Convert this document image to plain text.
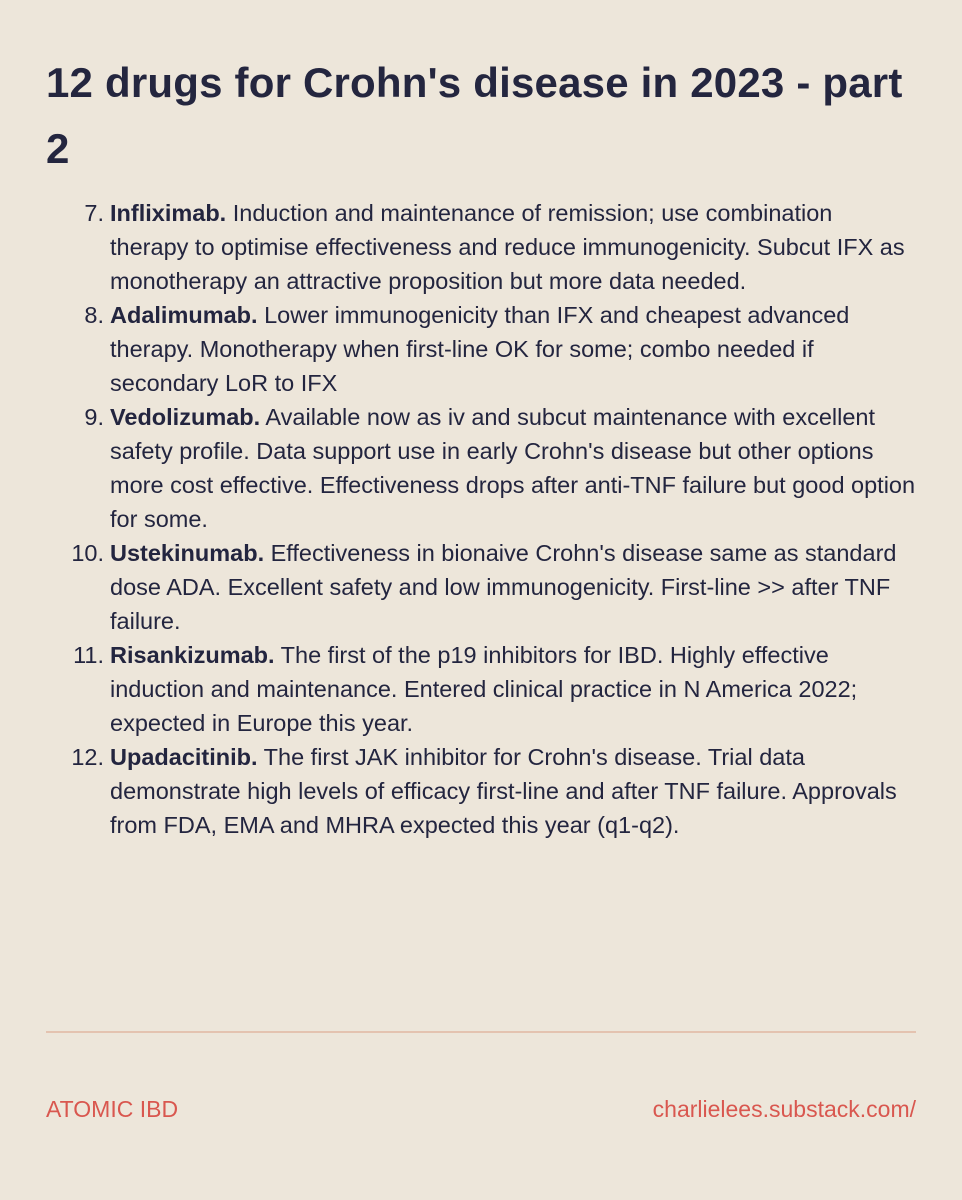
12 drugs for Crohn's disease in 2023 - part 2
7. Infliximab. Induction and maintenance of remission; use combination therapy to optimise effectiveness and reduce immunogenicity. Subcut IFX as monotherapy an attractive proposition but more data needed.
8. Adalimumab. Lower immunogenicity than IFX and cheapest advanced therapy. Monotherapy when first-line OK for some; combo needed if secondary LoR to IFX
9. Vedolizumab. Available now as iv and subcut maintenance with excellent safety profile. Data support use in early Crohn's disease but other options more cost effective. Effectiveness drops after anti-TNF failure but good option for some.
10. Ustekinumab. Effectiveness in bionaive Crohn's disease same as standard dose ADA. Excellent safety and low immunogenicity. First-line >> after TNF failure.
11. Risankizumab. The first of the p19 inhibitors for IBD. Highly effective induction and maintenance. Entered clinical practice in N America 2022; expected in Europe this year.
12. Upadacitinib. The first JAK inhibitor for Crohn's disease. Trial data demonstrate high levels of efficacy first-line and after TNF failure. Approvals from FDA, EMA and MHRA expected this year (q1-q2).
ATOMIC IBD	charlielees.substack.com/
